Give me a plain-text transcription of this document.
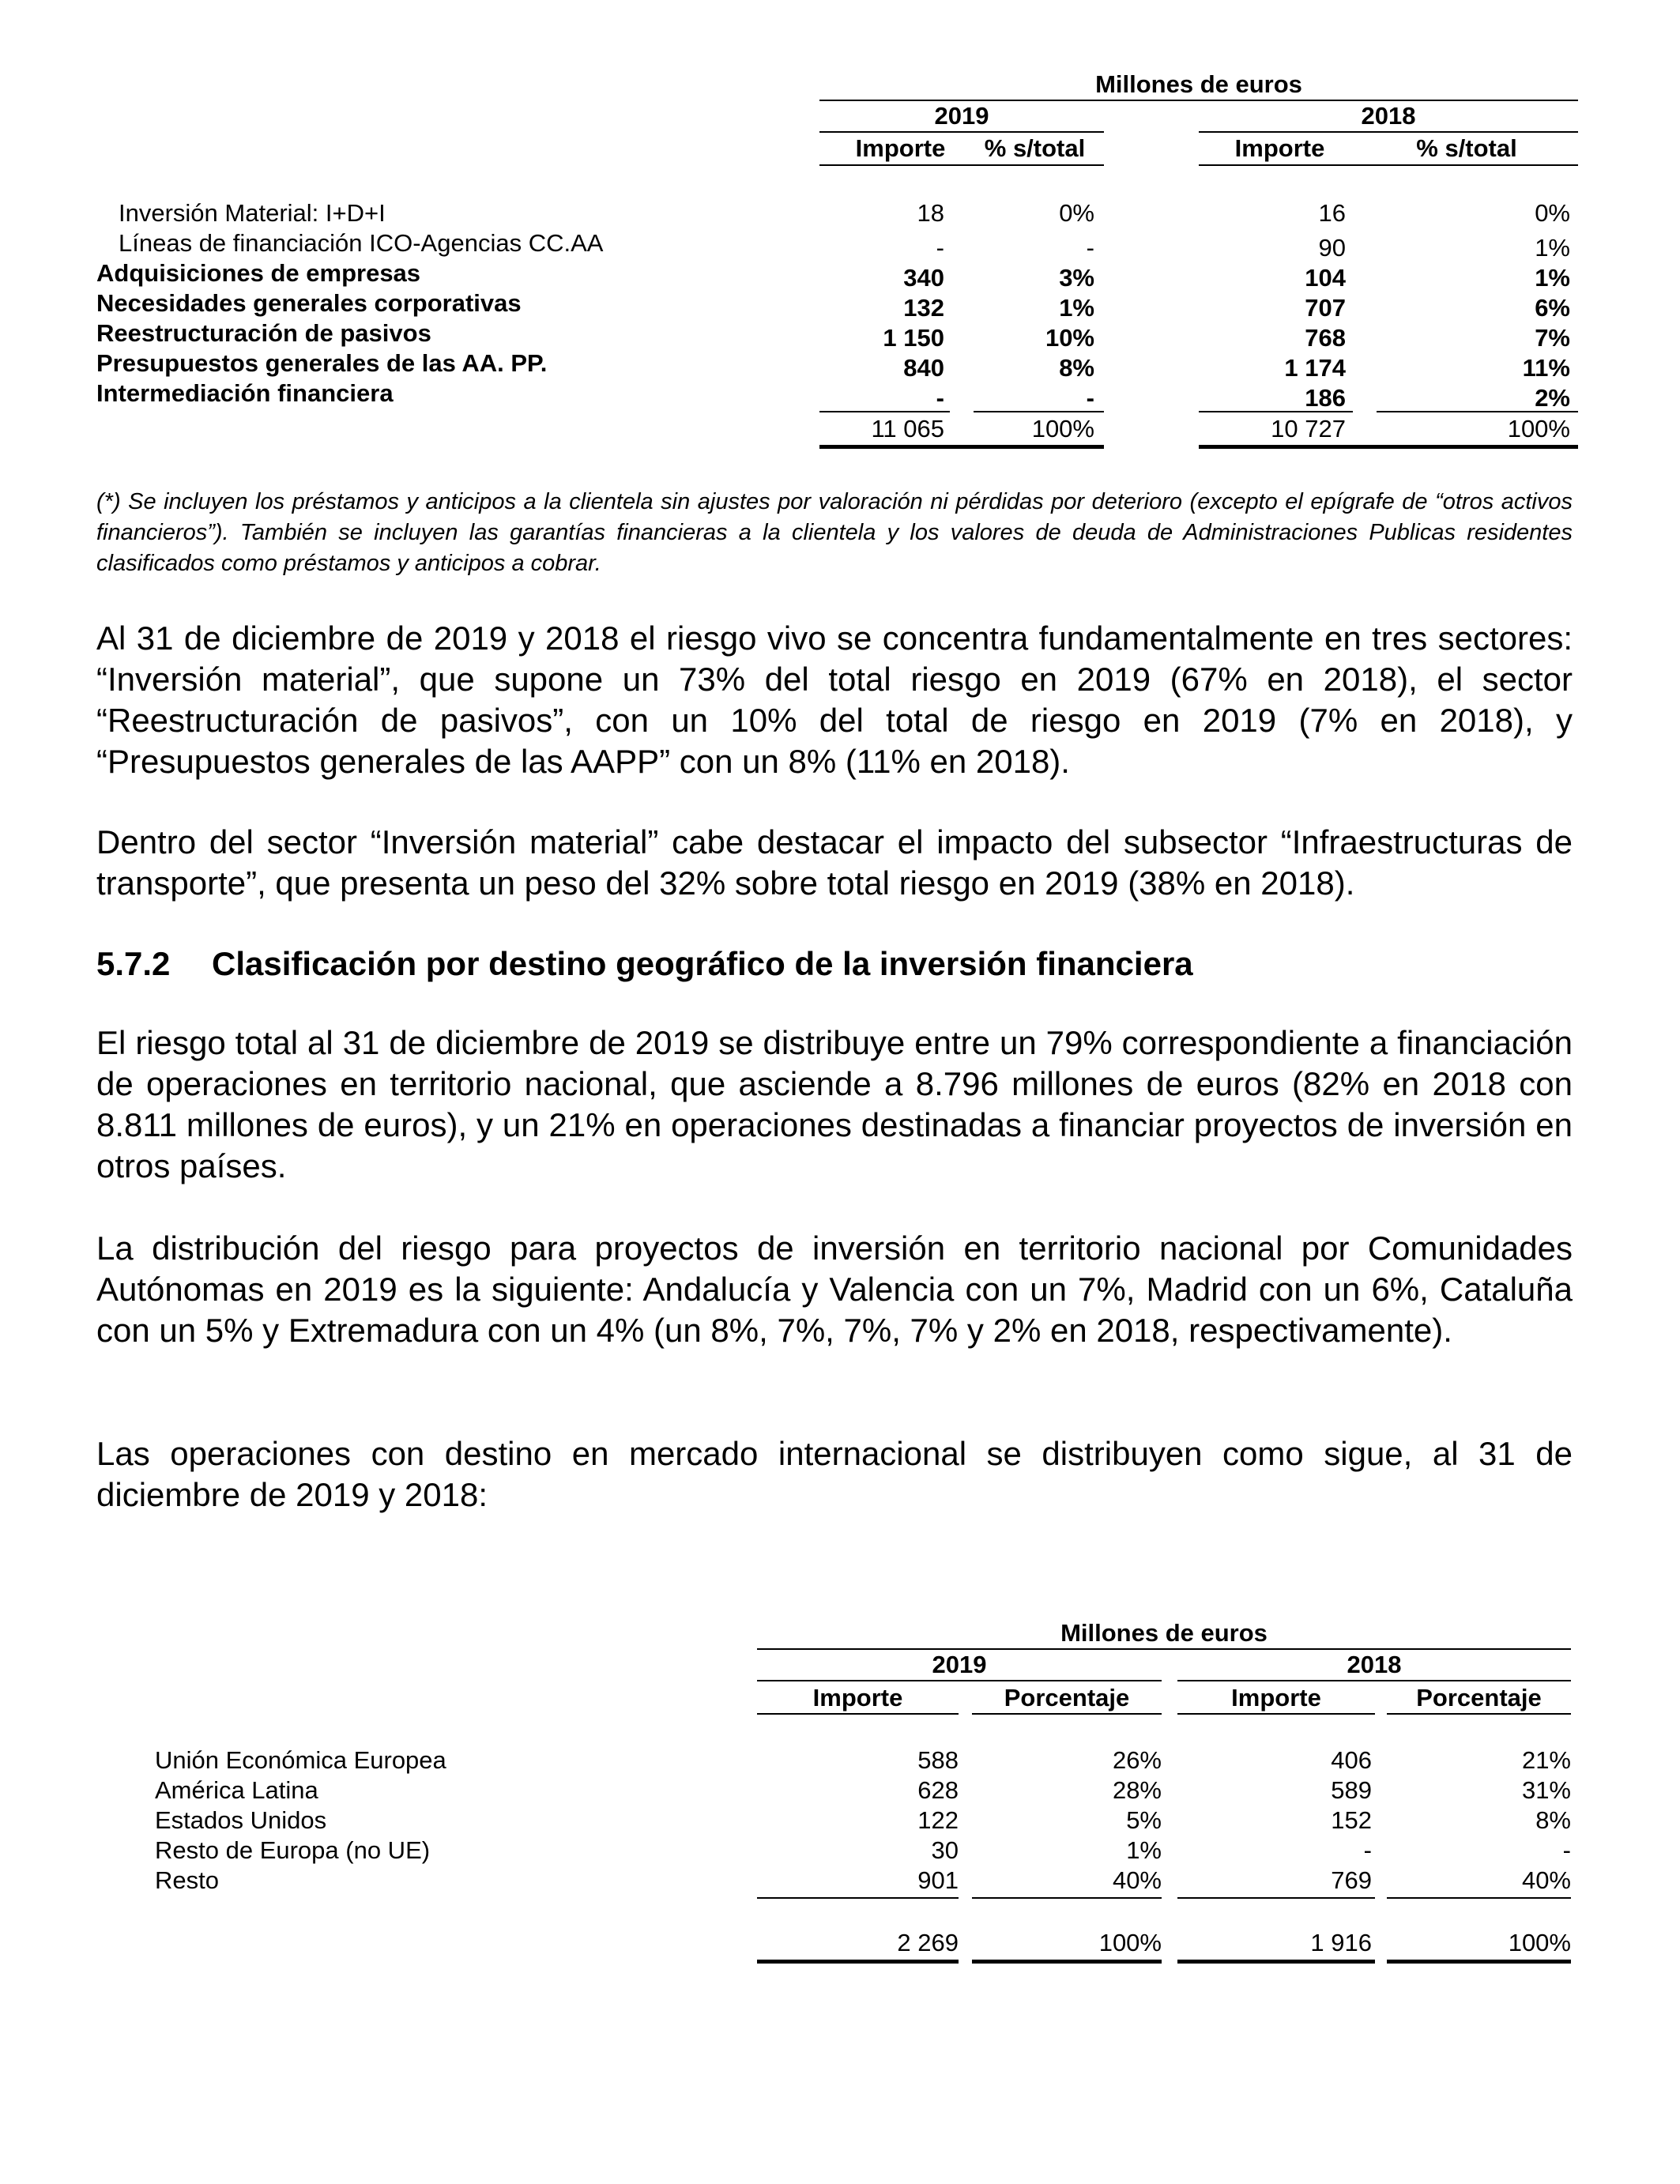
Millones de euros
2019	2018
Importe	% s/total	Importe	% s/total
Inversión Material: I+D+I	18	0%	16	0%
Líneas de financiación ICO-Agencias CC.AA	-	-	90	1%
Adquisiciones de empresas	340	3%	104	1%
Necesidades generales corporativas	132	1%	707	6%
Reestructuración de pasivos	1 150	10%	768	7%
Presupuestos generales de las AA. PP.	840	8%	1 174	11%
Intermediación financiera	-	-	186	2%
11 065	100%	10 727	100%
(*) Se incluyen los préstamos y anticipos a la clientela sin ajustes por valoración ni pérdidas por deterioro (excepto el epígrafe de “otros activos financieros”). También se incluyen las garantías financieras a la clientela y los valores de deuda de Administraciones Publicas residentes clasificados como préstamos y anticipos a cobrar.
Al 31 de diciembre de 2019 y 2018 el riesgo vivo se concentra fundamentalmente en tres sectores: “Inversión material”, que supone un 73% del total riesgo en 2019 (67% en 2018), el sector “Reestructuración de pasivos”, con un 10% del total de riesgo en 2019 (7% en 2018), y “Presupuestos generales de las AAPP” con un 8% (11% en 2018).
Dentro del sector “Inversión material” cabe destacar el impacto del subsector “Infraestructuras de transporte”, que presenta un peso del 32% sobre total riesgo en 2019 (38% en 2018).
5.7.2 Clasificación por destino geográfico de la inversión financiera
El riesgo total al 31 de diciembre de 2019 se distribuye entre un 79% correspondiente a financiación de operaciones en territorio nacional, que asciende a 8.796 millones de euros (82% en 2018 con 8.811 millones de euros), y un 21% en operaciones destinadas a financiar proyectos de inversión en otros países.
La distribución del riesgo para proyectos de inversión en territorio nacional por Comunidades Autónomas en 2019 es la siguiente: Andalucía y Valencia con un 7%, Madrid con un 6%, Cataluña con un 5% y Extremadura con un 4% (un 8%, 7%, 7%, 7% y 2% en 2018, respectivamente).
Las operaciones con destino en mercado internacional se distribuyen como sigue, al 31 de diciembre de 2019 y 2018:
Millones de euros
2019	2018
Importe	Porcentaje	Importe	Porcentaje
Unión Económica Europea	588	26%	406	21%
América Latina	628	28%	589	31%
Estados Unidos	122	5%	152	8%
Resto de Europa (no UE)	30	1%	-	-
Resto	901	40%	769	40%
2 269	100%	1 916	100%
